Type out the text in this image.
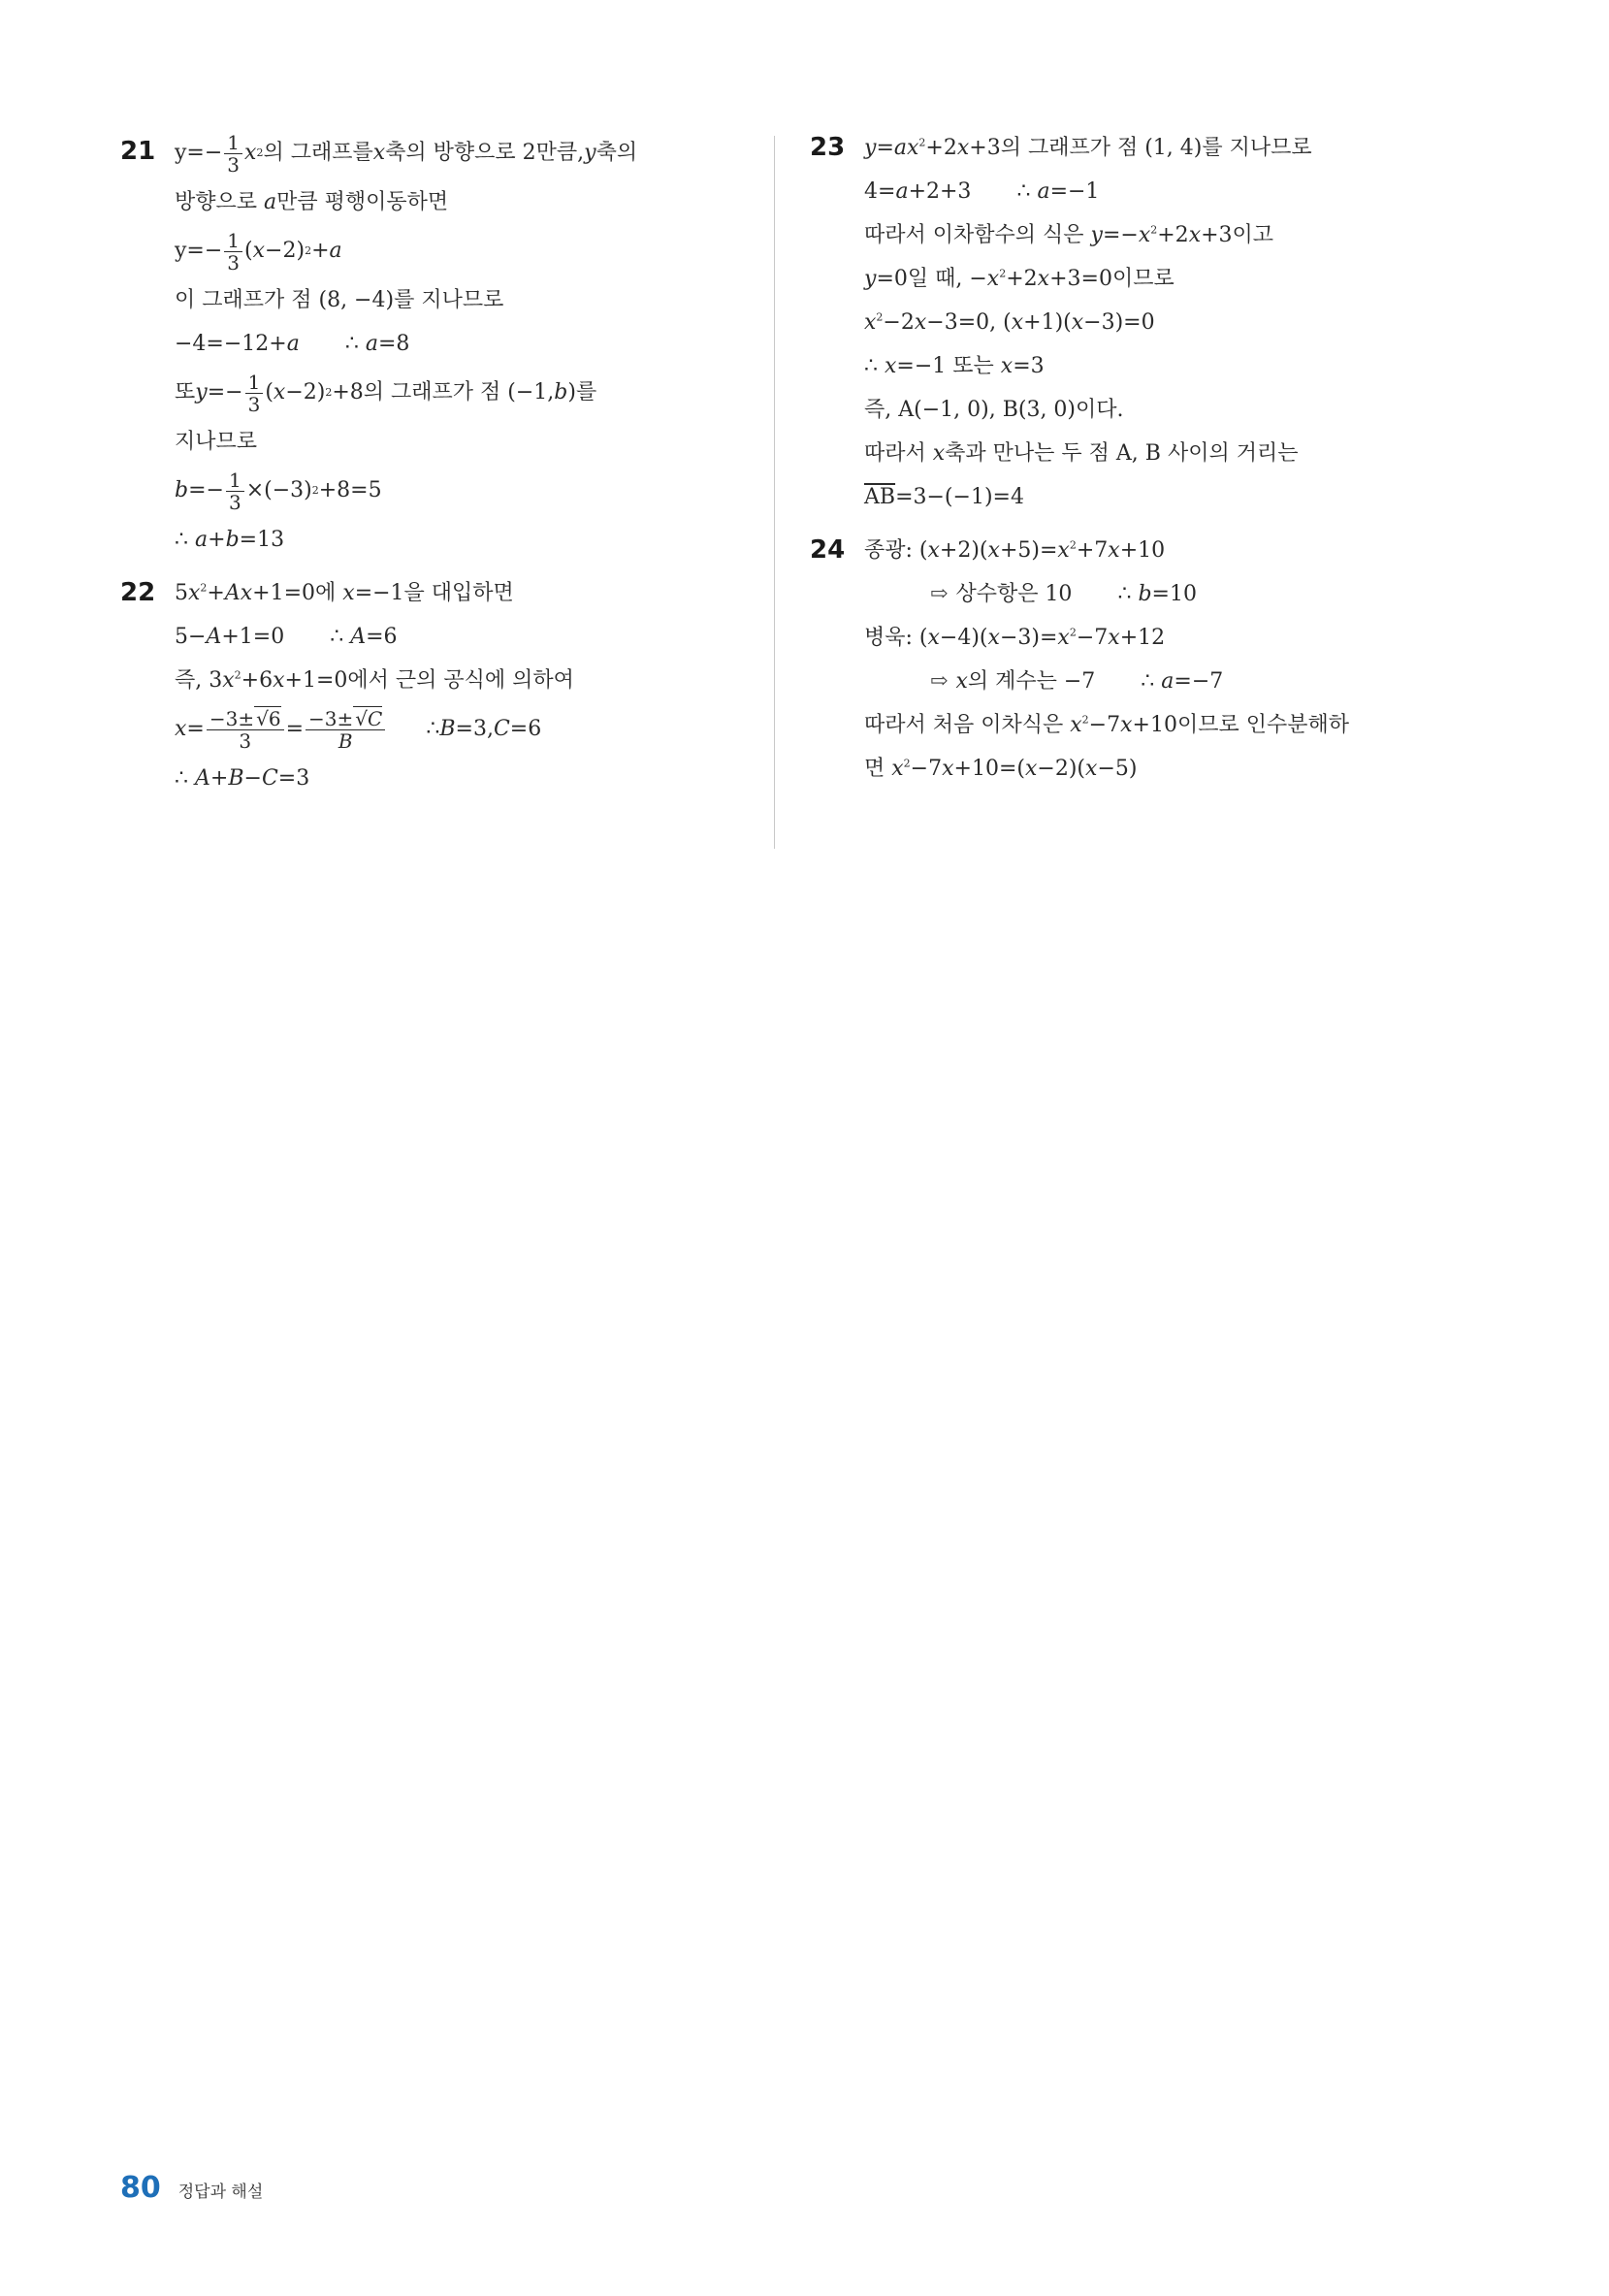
21 $y=- \frac{1}{3}$ x 2 의 그래프를 x 축의 방향으로 2만큼, y 축의
방향으로 a만큼 평행이동하면
$y=- \frac{1}{3}$ ( x −2) 2 + a
이 그래프가 점 (8, −4)를 지나므로
−4=−12+a ∴ a=8
또 $y =- \frac{1}{3}$ ( x −2) 2 +8의 그래프가 점 (−1, b )를
지나므로
$b =- \frac{1}{3} \times(-3)$ 2 +8=5
∴ a+b=13
22 $5x^2+Ax+1=0$에 x=−1을 대입하면
5−A+1=0 ∴ A=6
즉, $3x^2+6x+1=0$에서 근의 공식에 의하여
$x = \frac{-3\pm √6}{3} = \frac{-3\pm √C}{B}$ ∴ B =3, C =6
∴ A+B−C=3
23 $y=ax^2+2x+3$의 그래프가 점 (1, 4)를 지나므로
4=a+2+3 ∴ a=−1
따라서 이차함수의 식은 $y=-x^2+2x+3$이고
y=0일 때, $-x^2+2x+3=0$이므로
$x^2-2x-3=0$, (x+1)(x−3)=0
∴ x=−1 또는 x=3
즉, A(−1, 0), B(3, 0)이다.
따라서 x축과 만나는 두 점 A, B 사이의 거리는
$\overline{AB}=3-(-1)=4$
24 종광: $(x+2)(x+5)=x^2+7x+10$
⇨ 상수항은 10 ∴ b=10
병욱: $(x-4)(x-3)=x^2-7x+12$
⇨ x의 계수는 −7 ∴ a=−7
따라서 처음 이차식은 $x^2-7x+10$이므로 인수분해하
면 $x^2-7x+10=(x-2)(x-5)$
80 정답과 해설
